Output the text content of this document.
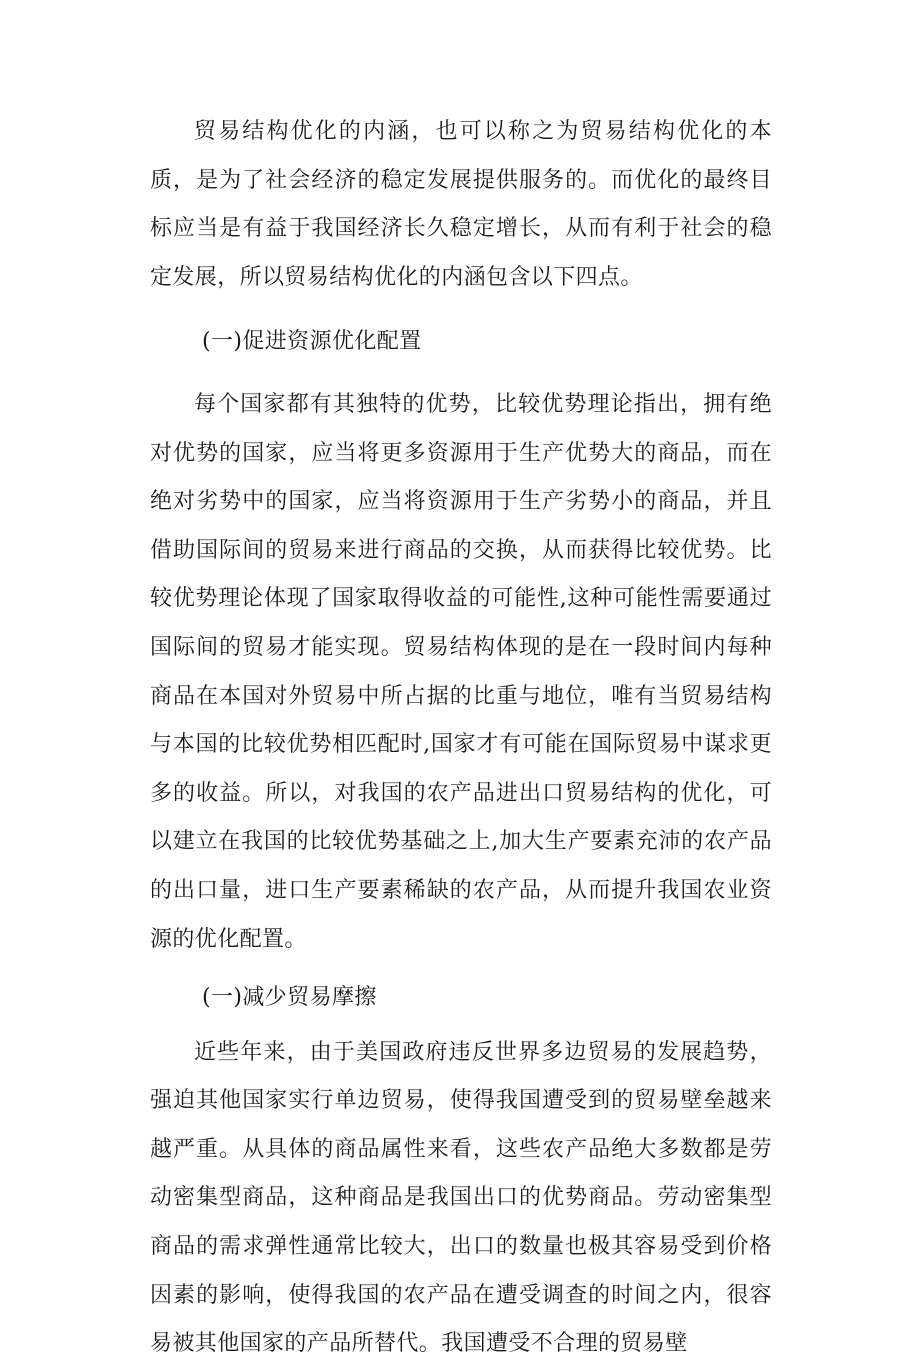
贸易结构优化的内涵，也可以称之为贸易结构优化的本质，是为了社会经济的稳定发展提供服务的。而优化的最终目标应当是有益于我国经济长久稳定增长，从而有利于社会的稳定发展，所以贸易结构优化的内涵包含以下四点。

(一)促进资源优化配置

每个国家都有其独特的优势，比较优势理论指出，拥有绝对优势的国家，应当将更多资源用于生产优势大的商品，而在绝对劣势中的国家，应当将资源用于生产劣势小的商品，并且借助国际间的贸易来进行商品的交换，从而获得比较优势。比较优势理论体现了国家取得收益的可能性,这种可能性需要通过国际间的贸易才能实现。贸易结构体现的是在一段时间内每种商品在本国对外贸易中所占据的比重与地位，唯有当贸易结构与本国的比较优势相匹配时,国家才有可能在国际贸易中谋求更多的收益。所以，对我国的农产品进出口贸易结构的优化，可以建立在我国的比较优势基础之上,加大生产要素充沛的农产品的出口量，进口生产要素稀缺的农产品，从而提升我国农业资源的优化配置。

(一)减少贸易摩擦

近些年来，由于美国政府违反世界多边贸易的发展趋势，强迫其他国家实行单边贸易，使得我国遭受到的贸易壁垒越来越严重。从具体的商品属性来看，这些农产品绝大多数都是劳动密集型商品，这种商品是我国出口的优势商品。劳动密集型商品的需求弹性通常比较大，出口的数量也极其容易受到价格因素的影响，使得我国的农产品在遭受调查的时间之内，很容易被其他国家的产品所替代。我国遭受不合理的贸易壁
